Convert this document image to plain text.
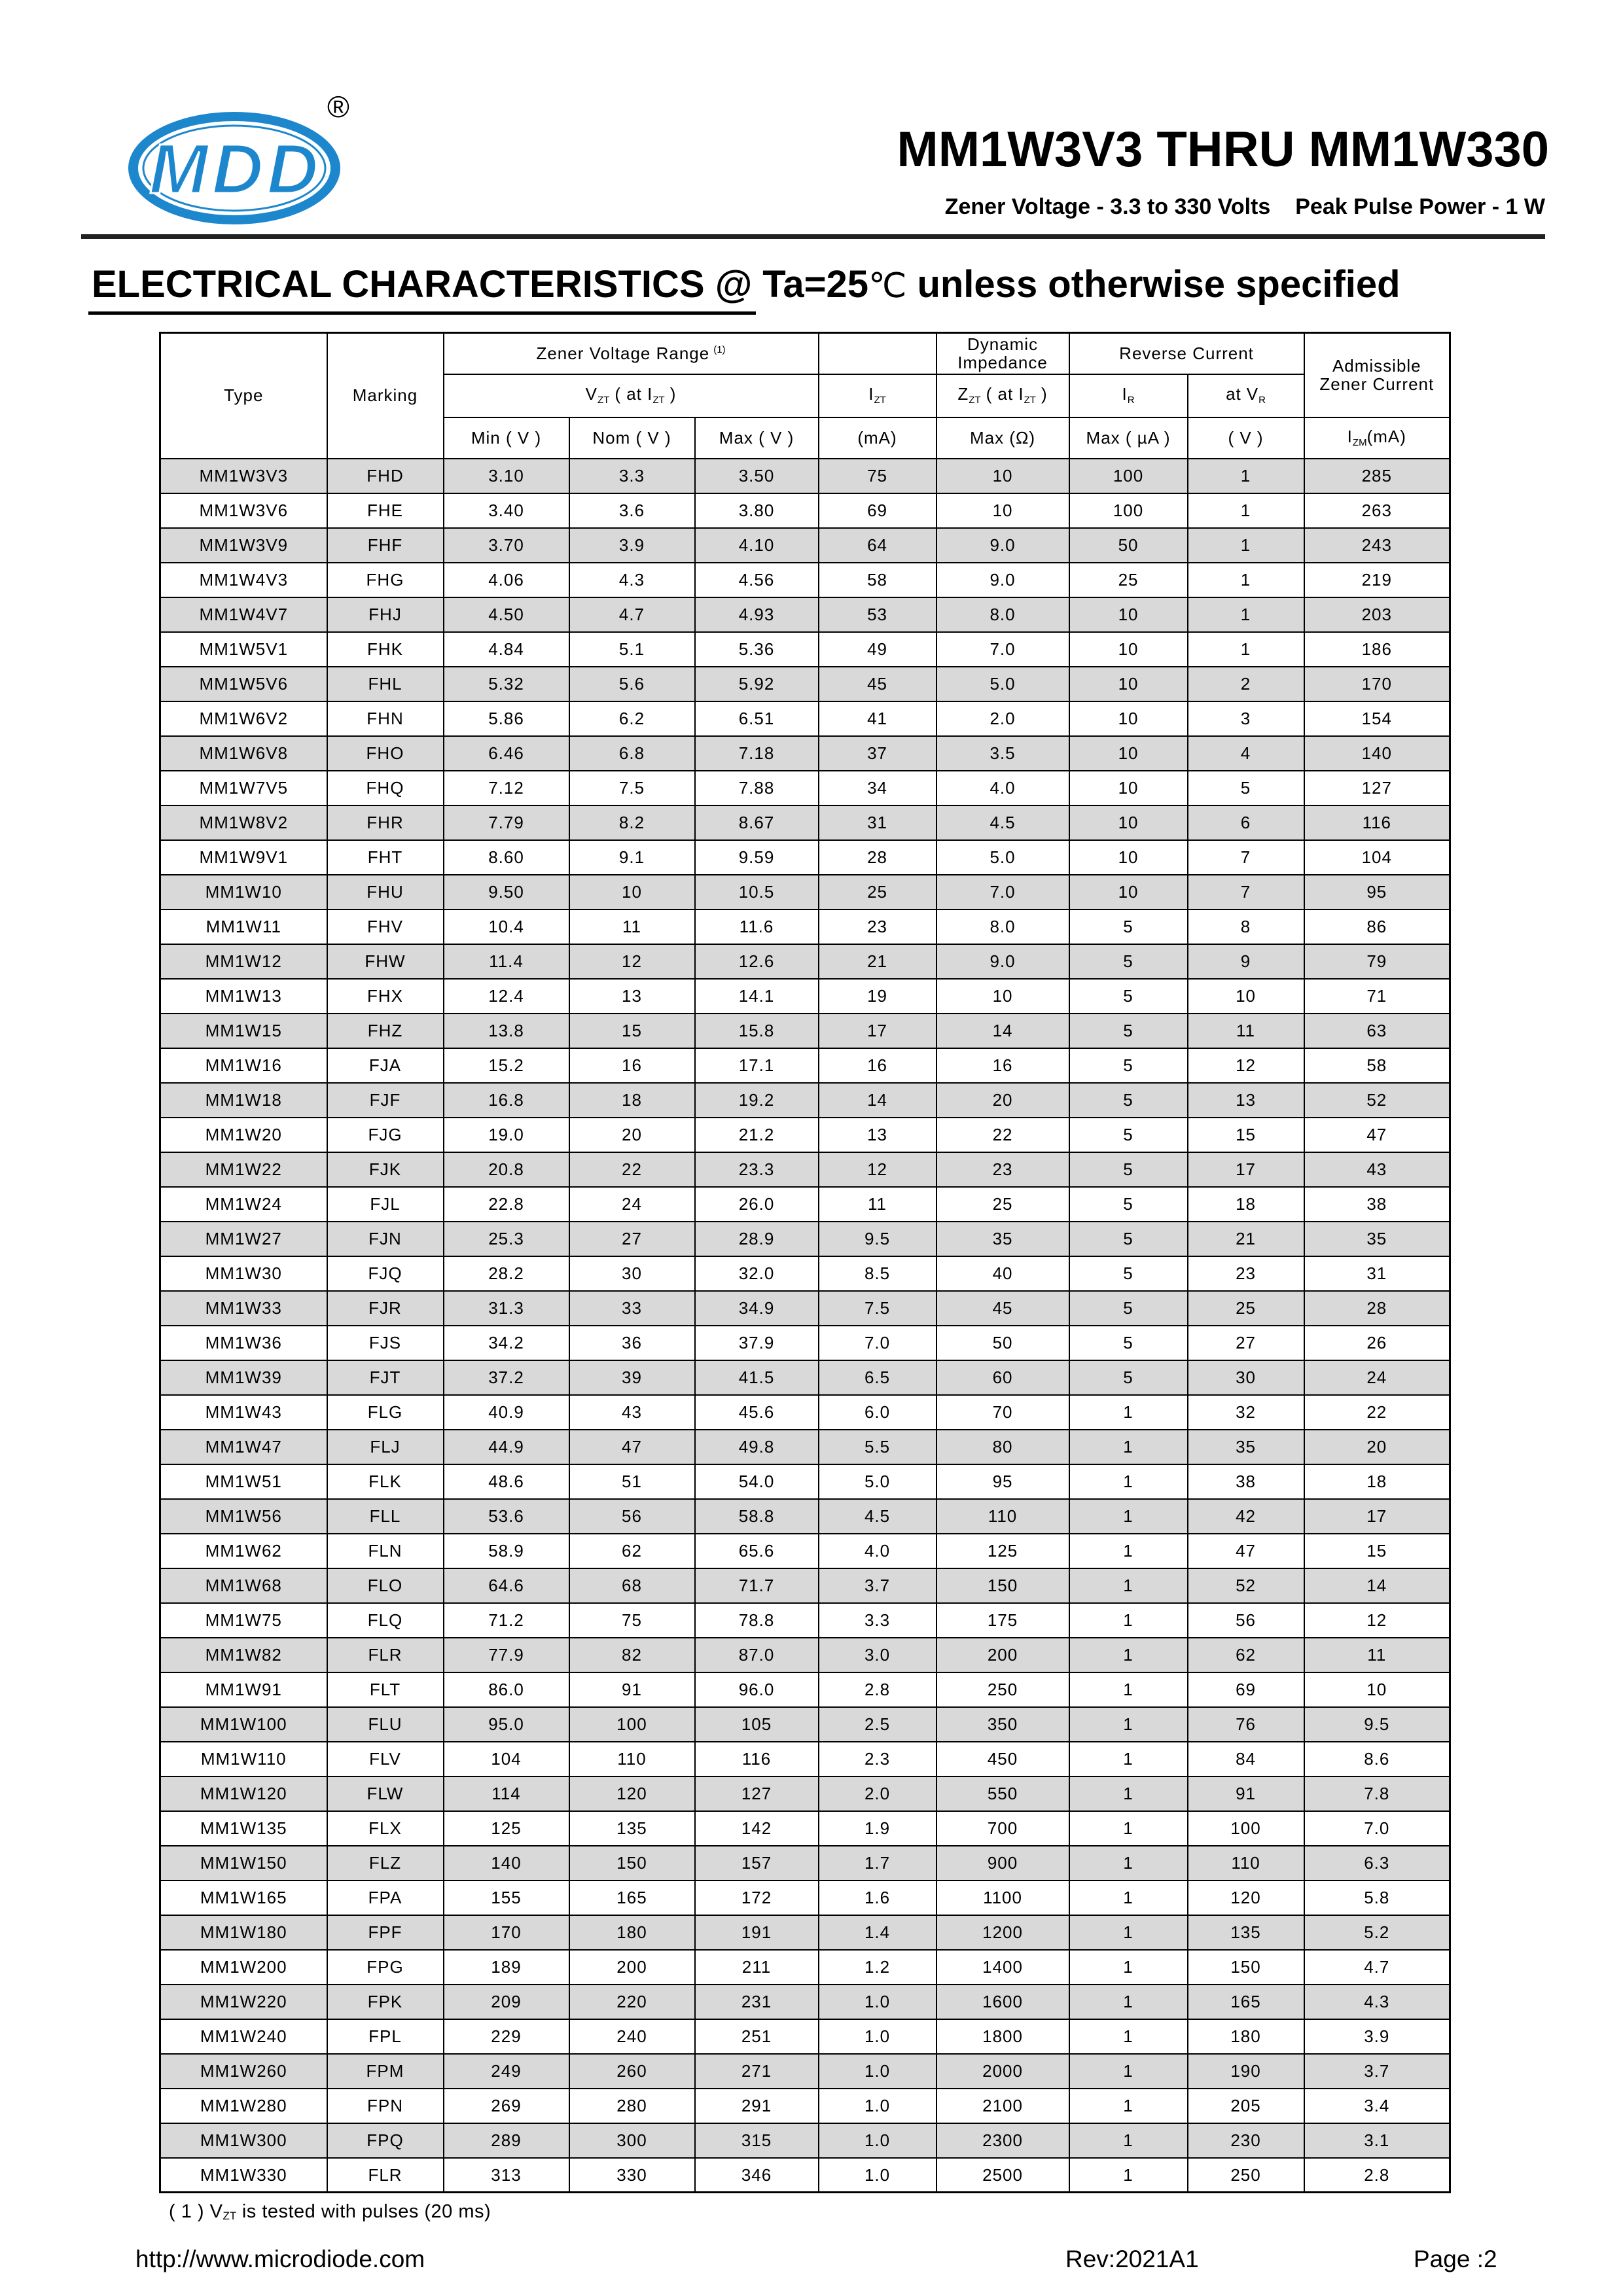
MDD
®
MM1W3V3 THRU MM1W330
Zener Voltage - 3.3 to 330 Volts Peak Pulse Power - 1 W
ELECTRICAL CHARACTERISTICS @ Ta=25℃ unless otherwise specified
Type	Marking	Zener Voltage Range $^{(1)}$				Dynamic
Impedance	Reverse Current		Admissible
Zener Current
		VZT ( at IZT )			IZT	ZZT ( at IZT )	IR	at VR	
		Min ( V )	Nom ( V )	Max ( V )	(mA)	Max (Ω)	Max ( µA )	( V )	IZM(mA)
MM1W3V3	FHD	3.10	3.3	3.50	75	10	100	1	285
MM1W3V6	FHE	3.40	3.6	3.80	69	10	100	1	263
MM1W3V9	FHF	3.70	3.9	4.10	64	9.0	50	1	243
MM1W4V3	FHG	4.06	4.3	4.56	58	9.0	25	1	219
MM1W4V7	FHJ	4.50	4.7	4.93	53	8.0	10	1	203
MM1W5V1	FHK	4.84	5.1	5.36	49	7.0	10	1	186
MM1W5V6	FHL	5.32	5.6	5.92	45	5.0	10	2	170
MM1W6V2	FHN	5.86	6.2	6.51	41	2.0	10	3	154
MM1W6V8	FHO	6.46	6.8	7.18	37	3.5	10	4	140
MM1W7V5	FHQ	7.12	7.5	7.88	34	4.0	10	5	127
MM1W8V2	FHR	7.79	8.2	8.67	31	4.5	10	6	116
MM1W9V1	FHT	8.60	9.1	9.59	28	5.0	10	7	104
MM1W10	FHU	9.50	10	10.5	25	7.0	10	7	95
MM1W11	FHV	10.4	11	11.6	23	8.0	5	8	86
MM1W12	FHW	11.4	12	12.6	21	9.0	5	9	79
MM1W13	FHX	12.4	13	14.1	19	10	5	10	71
MM1W15	FHZ	13.8	15	15.8	17	14	5	11	63
MM1W16	FJA	15.2	16	17.1	16	16	5	12	58
MM1W18	FJF	16.8	18	19.2	14	20	5	13	52
MM1W20	FJG	19.0	20	21.2	13	22	5	15	47
MM1W22	FJK	20.8	22	23.3	12	23	5	17	43
MM1W24	FJL	22.8	24	26.0	11	25	5	18	38
MM1W27	FJN	25.3	27	28.9	9.5	35	5	21	35
MM1W30	FJQ	28.2	30	32.0	8.5	40	5	23	31
MM1W33	FJR	31.3	33	34.9	7.5	45	5	25	28
MM1W36	FJS	34.2	36	37.9	7.0	50	5	27	26
MM1W39	FJT	37.2	39	41.5	6.5	60	5	30	24
MM1W43	FLG	40.9	43	45.6	6.0	70	1	32	22
MM1W47	FLJ	44.9	47	49.8	5.5	80	1	35	20
MM1W51	FLK	48.6	51	54.0	5.0	95	1	38	18
MM1W56	FLL	53.6	56	58.8	4.5	110	1	42	17
MM1W62	FLN	58.9	62	65.6	4.0	125	1	47	15
MM1W68	FLO	64.6	68	71.7	3.7	150	1	52	14
MM1W75	FLQ	71.2	75	78.8	3.3	175	1	56	12
MM1W82	FLR	77.9	82	87.0	3.0	200	1	62	11
MM1W91	FLT	86.0	91	96.0	2.8	250	1	69	10
MM1W100	FLU	95.0	100	105	2.5	350	1	76	9.5
MM1W110	FLV	104	110	116	2.3	450	1	84	8.6
MM1W120	FLW	114	120	127	2.0	550	1	91	7.8
MM1W135	FLX	125	135	142	1.9	700	1	100	7.0
MM1W150	FLZ	140	150	157	1.7	900	1	110	6.3
MM1W165	FPA	155	165	172	1.6	1100	1	120	5.8
MM1W180	FPF	170	180	191	1.4	1200	1	135	5.2
MM1W200	FPG	189	200	211	1.2	1400	1	150	4.7
MM1W220	FPK	209	220	231	1.0	1600	1	165	4.3
MM1W240	FPL	229	240	251	1.0	1800	1	180	3.9
MM1W260	FPM	249	260	271	1.0	2000	1	190	3.7
MM1W280	FPN	269	280	291	1.0	2100	1	205	3.4
MM1W300	FPQ	289	300	315	1.0	2300	1	230	3.1
MM1W330	FLR	313	330	346	1.0	2500	1	250	2.8
( 1 ) VZT is tested with pulses (20 ms)
http://www.microdiode.com	Rev:2021A1	Page :2
